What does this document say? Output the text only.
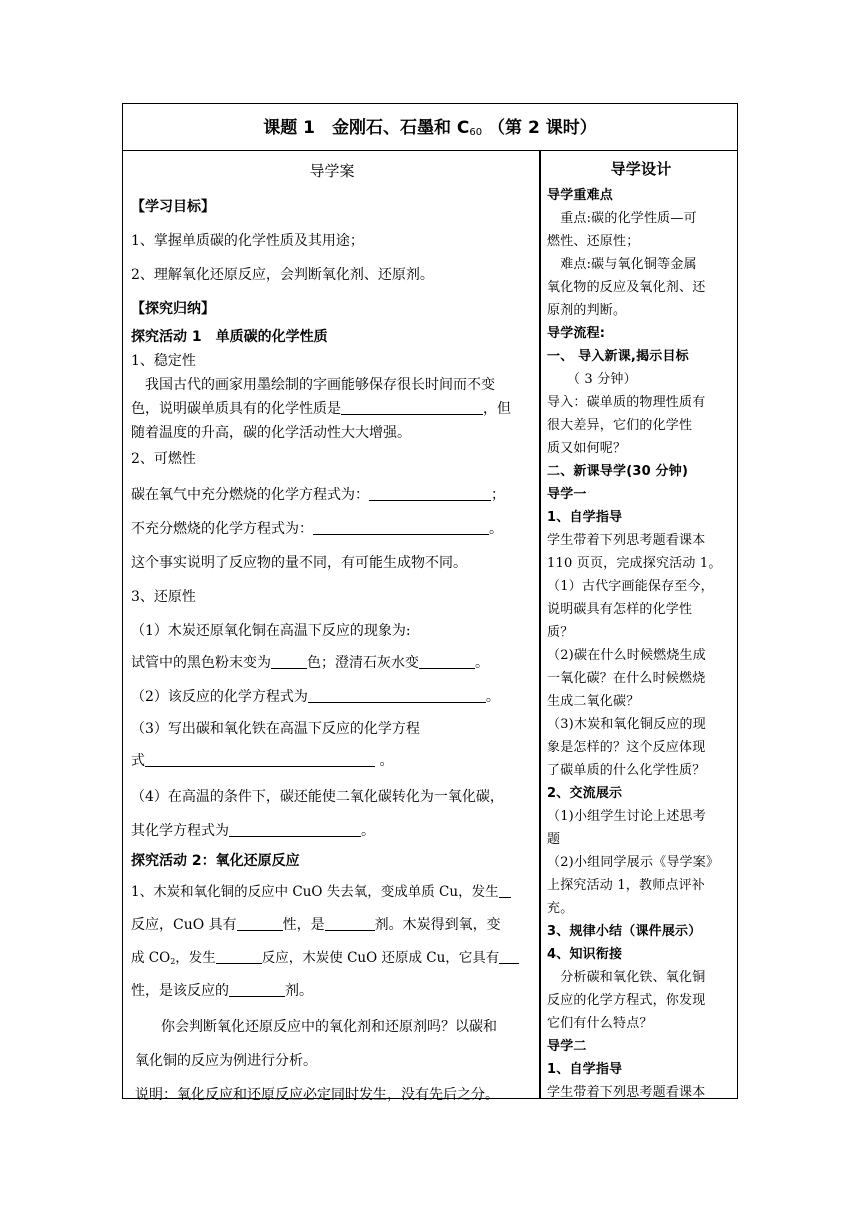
课题 1　金刚石、石墨和 $C_{60}$ （第 2 课时）
导学案
【学习目标】
1、掌握单质碳的化学性质及其用途；
2、理解氧化还原反应，会判断氧化剂、还原剂。
【探究归纳】
探究活动 1　单质碳的化学性质
1、稳定性
我国古代的画家用墨绘制的字画能够保存很长时间而不变
色，说明碳单质具有的化学性质是	，但
随着温度的升高，碳的化学活动性大大增强。
2、可燃性
碳在氧气中充分燃烧的化学方程式为：	；
不充分燃烧的化学方程式为：	。
这个事实说明了反应物的量不同，有可能生成物不同。
3、还原性
（1）木炭还原氧化铜在高温下反应的现象为:
试管中的黑色粉末变为	色；澄清石灰水变	。
（2）该反应的化学方程式为	。
（3）写出碳和氧化铁在高温下反应的化学方程
式	。
（4）在高温的条件下，碳还能使二氧化碳转化为一氧化碳，
其化学方程式为	。
探究活动 2：氧化还原反应
1、木炭和氧化铜的反应中 CuO 失去氧，变成单质 Cu，发生
反应，CuO 具有	性，是	剂。木炭得到氧，变
成 $CO_2$，发生	反应，木炭使 CuO 还原成 Cu，它具有
性，是该反应的	剂。
你会判断氧化还原反应中的氧化剂和还原剂吗？以碳和
氧化铜的反应为例进行分析。
说明：氧化反应和还原反应必定同时发生，没有先后之分。
导学设计
导学重难点
　重点:碳的化学性质—可
燃性、还原性；
　难点:碳与氧化铜等金属
氧化物的反应及氧化剂、还
原剂的判断。
导学流程:
一、 导入新课,揭示目标
　　（ 3 分钟）
导入：碳单质的物理性质有
很大差异，它们的化学性
质又如何呢？
二、新课导学(30 分钟)
导学一
1、自学指导
学生带着下列思考题看课本
110 页页，完成探究活动 1。
（1）古代字画能保存至今，
说明碳具有怎样的化学性
质？
（2)碳在什么时候燃烧生成
一氧化碳？在什么时候燃烧
生成二氧化碳？
（3)木炭和氧化铜反应的现
象是怎样的？这个反应体现
了碳单质的什么化学性质？
2、交流展示
（1)小组学生讨论上述思考
题
（2)小组同学展示《导学案》
上探究活动 1，教师点评补
充。
3、规律小结（课件展示）
4、知识衔接
　分析碳和氧化铁、氧化铜
反应的化学方程式，你发现
它们有什么特点？
导学二
1、自学指导
学生带着下列思考题看课本
